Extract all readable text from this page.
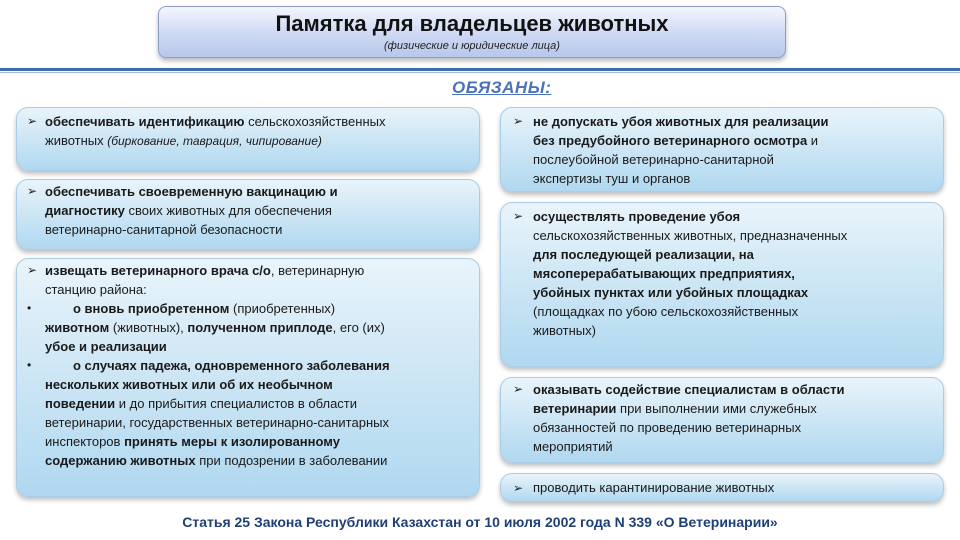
Памятка для владельцев животных
(физические и юридические лица)
ОБЯЗАНЫ:
➢ обеспечивать идентификацию сельскохозяйственных
животных (биркование, таврация, чипирование)
➢ обеспечивать своевременную вакцинацию и
диагностику своих животных для обеспечения
ветеринарно-санитарной безопасности
➢ извещать ветеринарного врача с/о, ветеринарную
станцию района:
•	о вновь приобретенном (приобретенных)
животном (животных), полученном приплоде, его (их)
убое и реализации
•	о случаях падежа, одновременного заболевания
нескольких животных или об их необычном
поведении и до прибытия специалистов в области
ветеринарии, государственных ветеринарно-санитарных
инспекторов принять меры к изолированному
содержанию животных при подозрении в заболевании
➢ не допускать убоя животных для реализации
без предубойного ветеринарного осмотра и
послеубойной ветеринарно-санитарной
экспертизы туш и органов
➢ осуществлять проведение убоя
сельскохозяйственных животных, предназначенных
для последующей реализации, на
мясоперерабатывающих предприятиях,
убойных пунктах или убойных площадках
(площадках по убою сельскохозяйственных
животных)
➢ оказывать содействие специалистам в области
ветеринарии при выполнении ими служебных
обязанностей по проведению ветеринарных
мероприятий
➢ проводить карантинирование животных
Статья 25 Закона Республики Казахстан от 10 июля 2002 года N 339 «О Ветеринарии»
